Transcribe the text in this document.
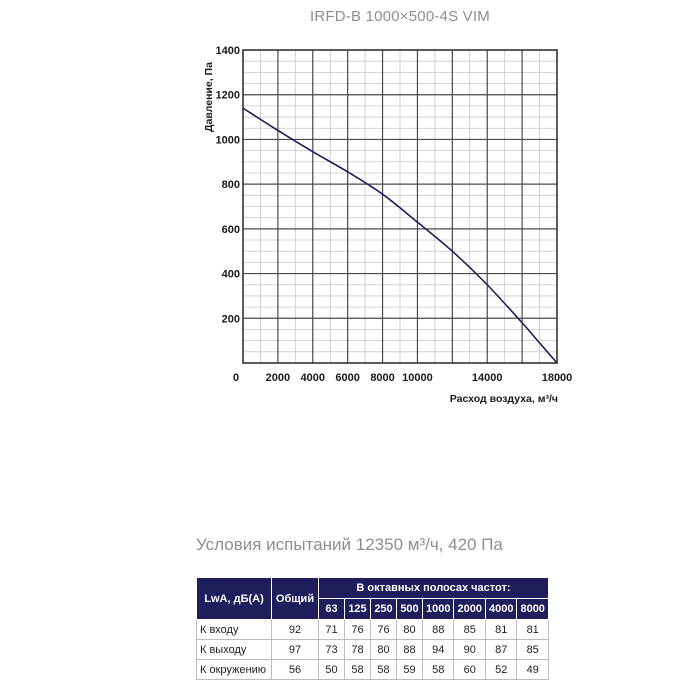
IRFD-B 1000×500-4S VIM
200
400
600
800
1000
1200
1400
0 2000 4000 6000 8000 10000	14000	18000
Расход воздуха, м³/ч
Давление, Па
Условия испытаний 12350 м³/ч, 420 Па
LwA, дБ(А)	Общий	В октавных полосах частот:							
		63	125	250	500	1000	2000	4000	8000
К входу	92	71	76	76	80	88	85	81	81
К выходу	97	73	78	80	88	94	90	87	85
К окружению	56	50	58	58	59	58	60	52	49
